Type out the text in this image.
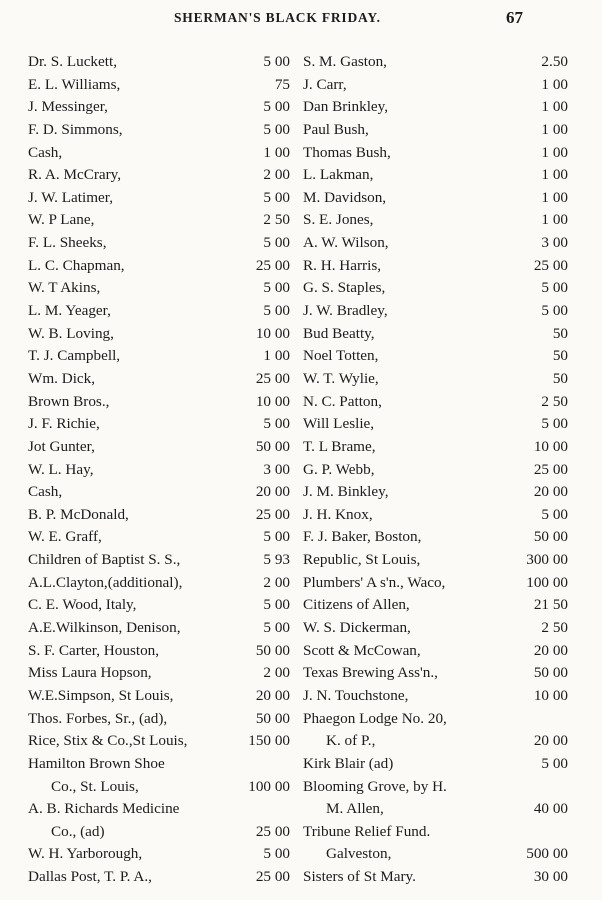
SHERMAN'S BLACK FRIDAY.	67
Dr. S. Luckett,	5 00
E. L. Williams,	75
J. Messinger,	5 00
F. D. Simmons,	5 00
Cash,	1 00
R. A. McCrary,	2 00
J. W. Latimer,	5 00
W. P Lane,	2 50
F. L. Sheeks,	5 00
L. C. Chapman,	25 00
W. T Akins,	5 00
L. M. Yeager,	5 00
W. B. Loving,	10 00
T. J. Campbell,	1 00
Wm. Dick,	25 00
Brown Bros.,	10 00
J. F. Richie,	5 00
Jot Gunter,	50 00
W. L. Hay,	3 00
Cash,	20 00
B. P. McDonald,	25 00
W. E. Graff,	5 00
Children of Baptist S. S.,	5 93
A.L.Clayton,(additional),	2 00
C. E. Wood, Italy,	5 00
A.E.Wilkinson, Denison,	5 00
S. F. Carter, Houston,	50 00
Miss Laura Hopson,	2 00
W.E.Simpson, St Louis,	20 00
Thos. Forbes, Sr., (ad),	50 00
Rice, Stix & Co.,St Louis,	150 00
Hamilton Brown Shoe
Co., St. Louis,	100 00
A. B. Richards Medicine
Co., (ad)	25 00
W. H. Yarborough,	5 00
Dallas Post, T. P. A.,	25 00
S. M. Gaston,	2.50
J. Carr,	1 00
Dan Brinkley,	1 00
Paul Bush,	1 00
Thomas Bush,	1 00
L. Lakman,	1 00
M. Davidson,	1 00
S. E. Jones,	1 00
A. W. Wilson,	3 00
R. H. Harris,	25 00
G. S. Staples,	5 00
J. W. Bradley,	5 00
Bud Beatty,	50
Noel Totten,	50
W. T. Wylie,	50
N. C. Patton,	2 50
Will Leslie,	5 00
T. L Brame,	10 00
G. P. Webb,	25 00
J. M. Binkley,	20 00
J. H. Knox,	5 00
F. J. Baker, Boston,	50 00
Republic, St Louis,	300 00
Plumbers' A s'n., Waco,	100 00
Citizens of Allen,	21 50
W. S. Dickerman,	2 50
Scott & McCowan,	20 00
Texas Brewing Ass'n.,	50 00
J. N. Touchstone,	10 00
Phaegon Lodge No. 20,
K. of P.,	20 00
Kirk Blair (ad)	5 00
Blooming Grove, by H.
M. Allen,	40 00
Tribune Relief Fund.
Galveston,	500 00
Sisters of St Mary.	30 00
